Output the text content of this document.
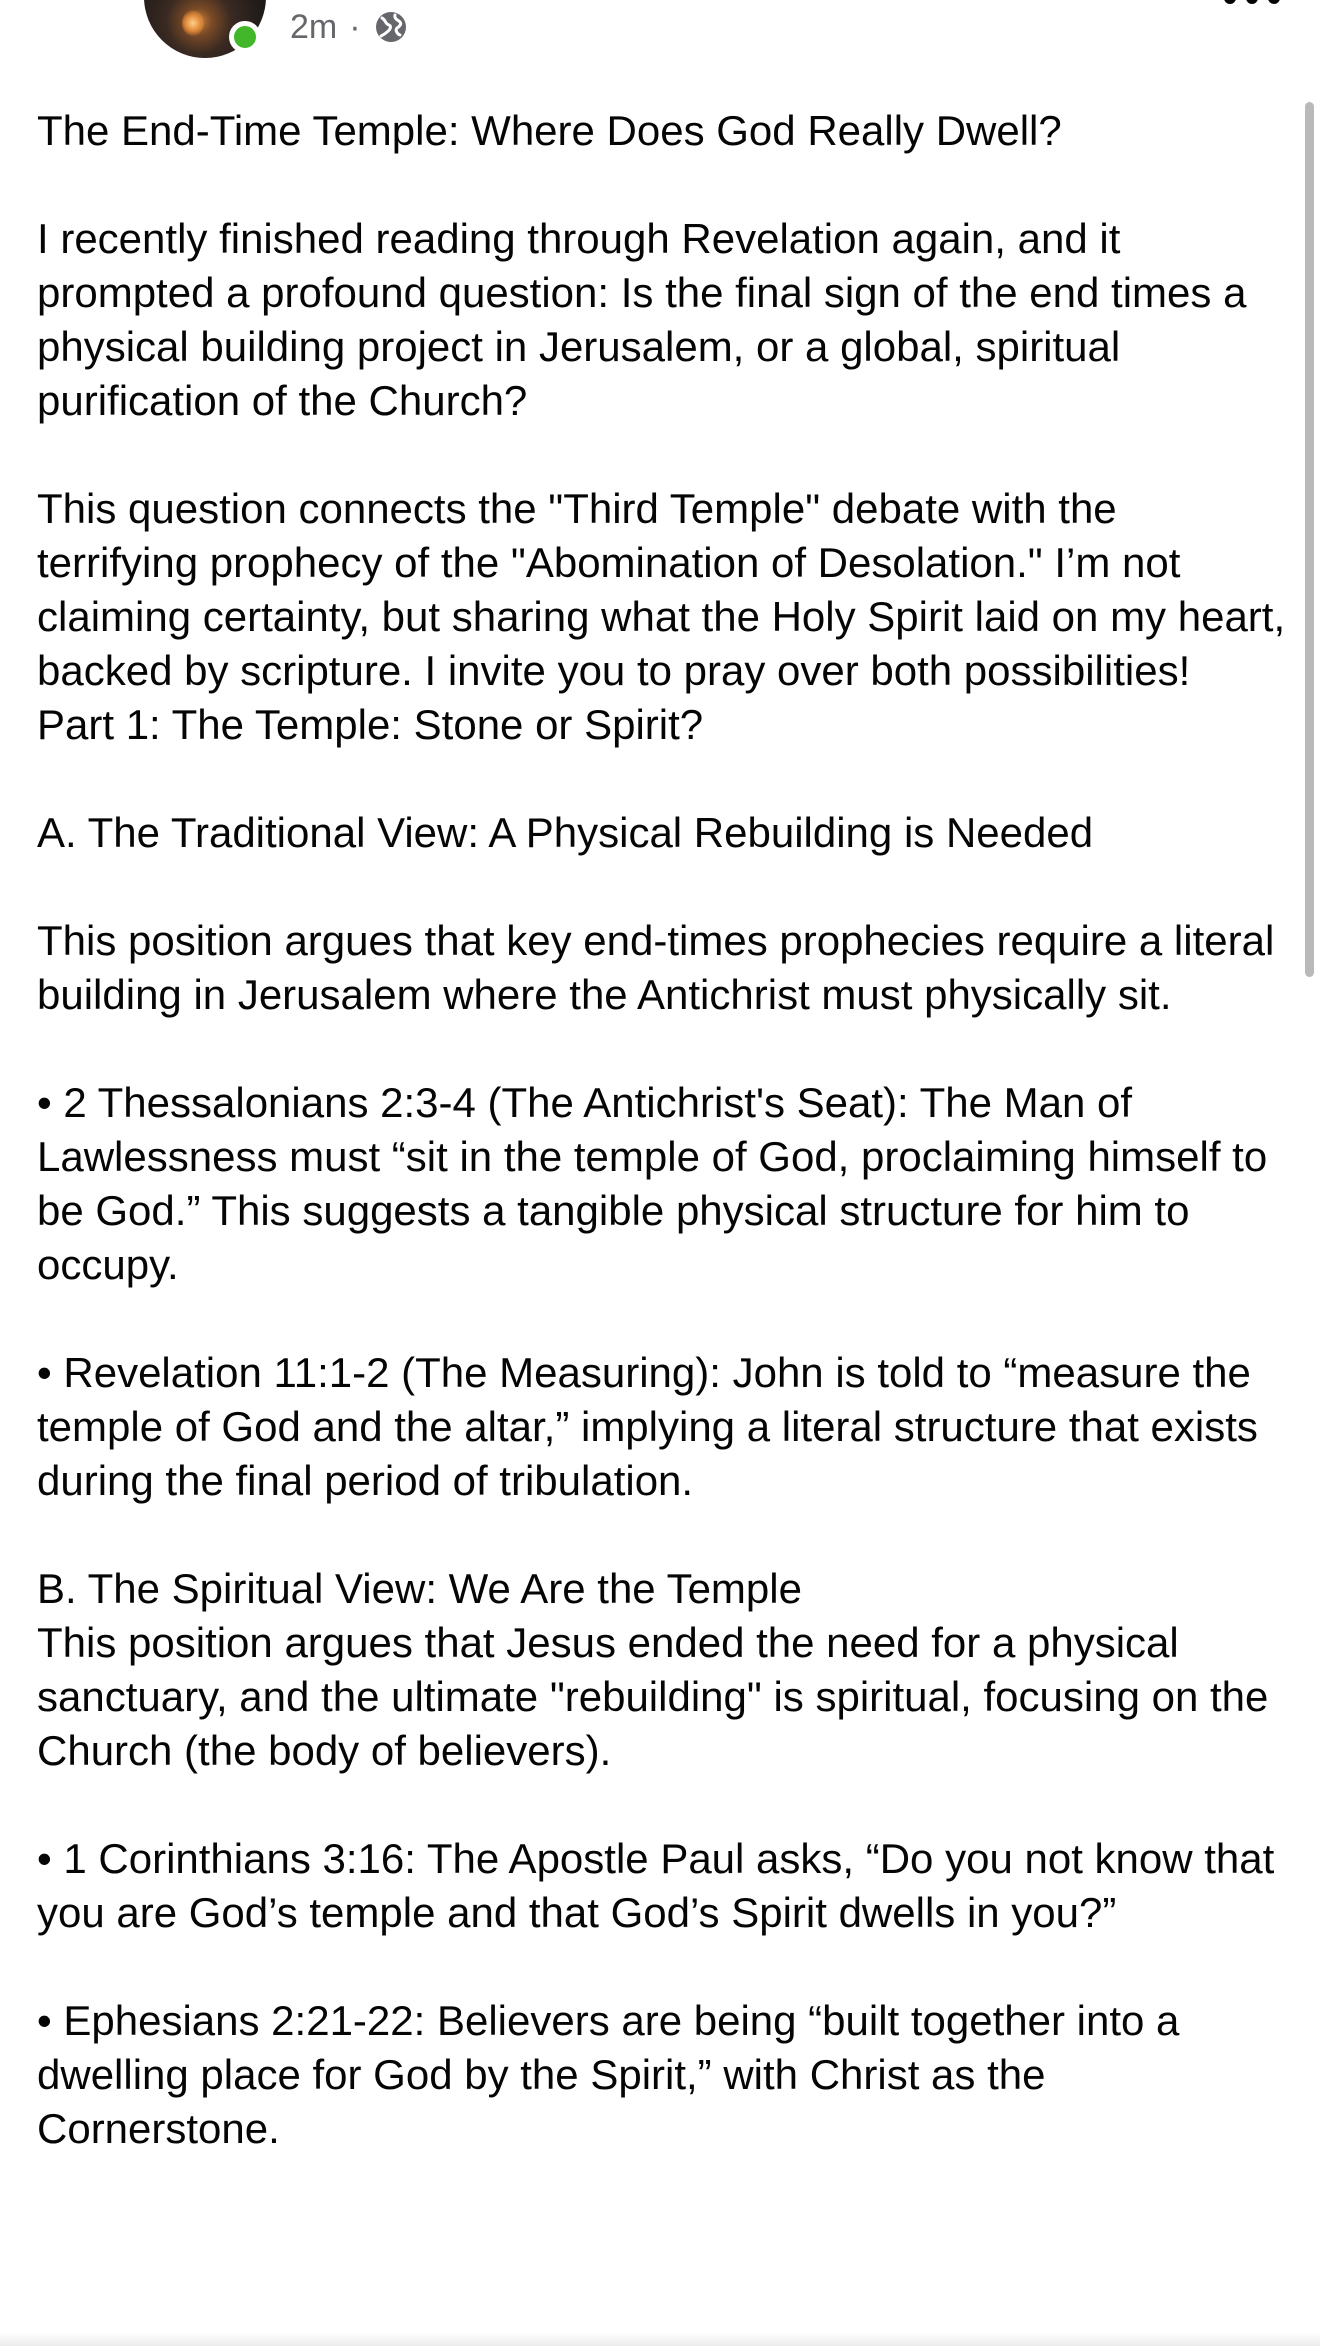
2m ·

The End-Time Temple: Where Does God Really Dwell?

I recently finished reading through Revelation again, and it prompted a profound question: Is the final sign of the end times a physical building project in Jerusalem, or a global, spiritual purification of the Church?

This question connects the "Third Temple" debate with the terrifying prophecy of the "Abomination of Desolation." I’m not claiming certainty, but sharing what the Holy Spirit laid on my heart, backed by scripture. I invite you to pray over both possibilities!
Part 1: The Temple: Stone or Spirit?

A. The Traditional View: A Physical Rebuilding is Needed

This position argues that key end-times prophecies require a literal building in Jerusalem where the Antichrist must physically sit.

• 2 Thessalonians 2:3-4 (The Antichrist's Seat): The Man of Lawlessness must “sit in the temple of God, proclaiming himself to be God.” This suggests a tangible physical structure for him to occupy.

• Revelation 11:1-2 (The Measuring): John is told to “measure the temple of God and the altar,” implying a literal structure that exists during the final period of tribulation.

B. The Spiritual View: We Are the Temple
This position argues that Jesus ended the need for a physical sanctuary, and the ultimate "rebuilding" is spiritual, focusing on the Church (the body of believers).

• 1 Corinthians 3:16: The Apostle Paul asks, “Do you not know that you are God’s temple and that God’s Spirit dwells in you?”

• Ephesians 2:21-22: Believers are being “built together into a dwelling place for God by the Spirit,” with Christ as the Cornerstone.
